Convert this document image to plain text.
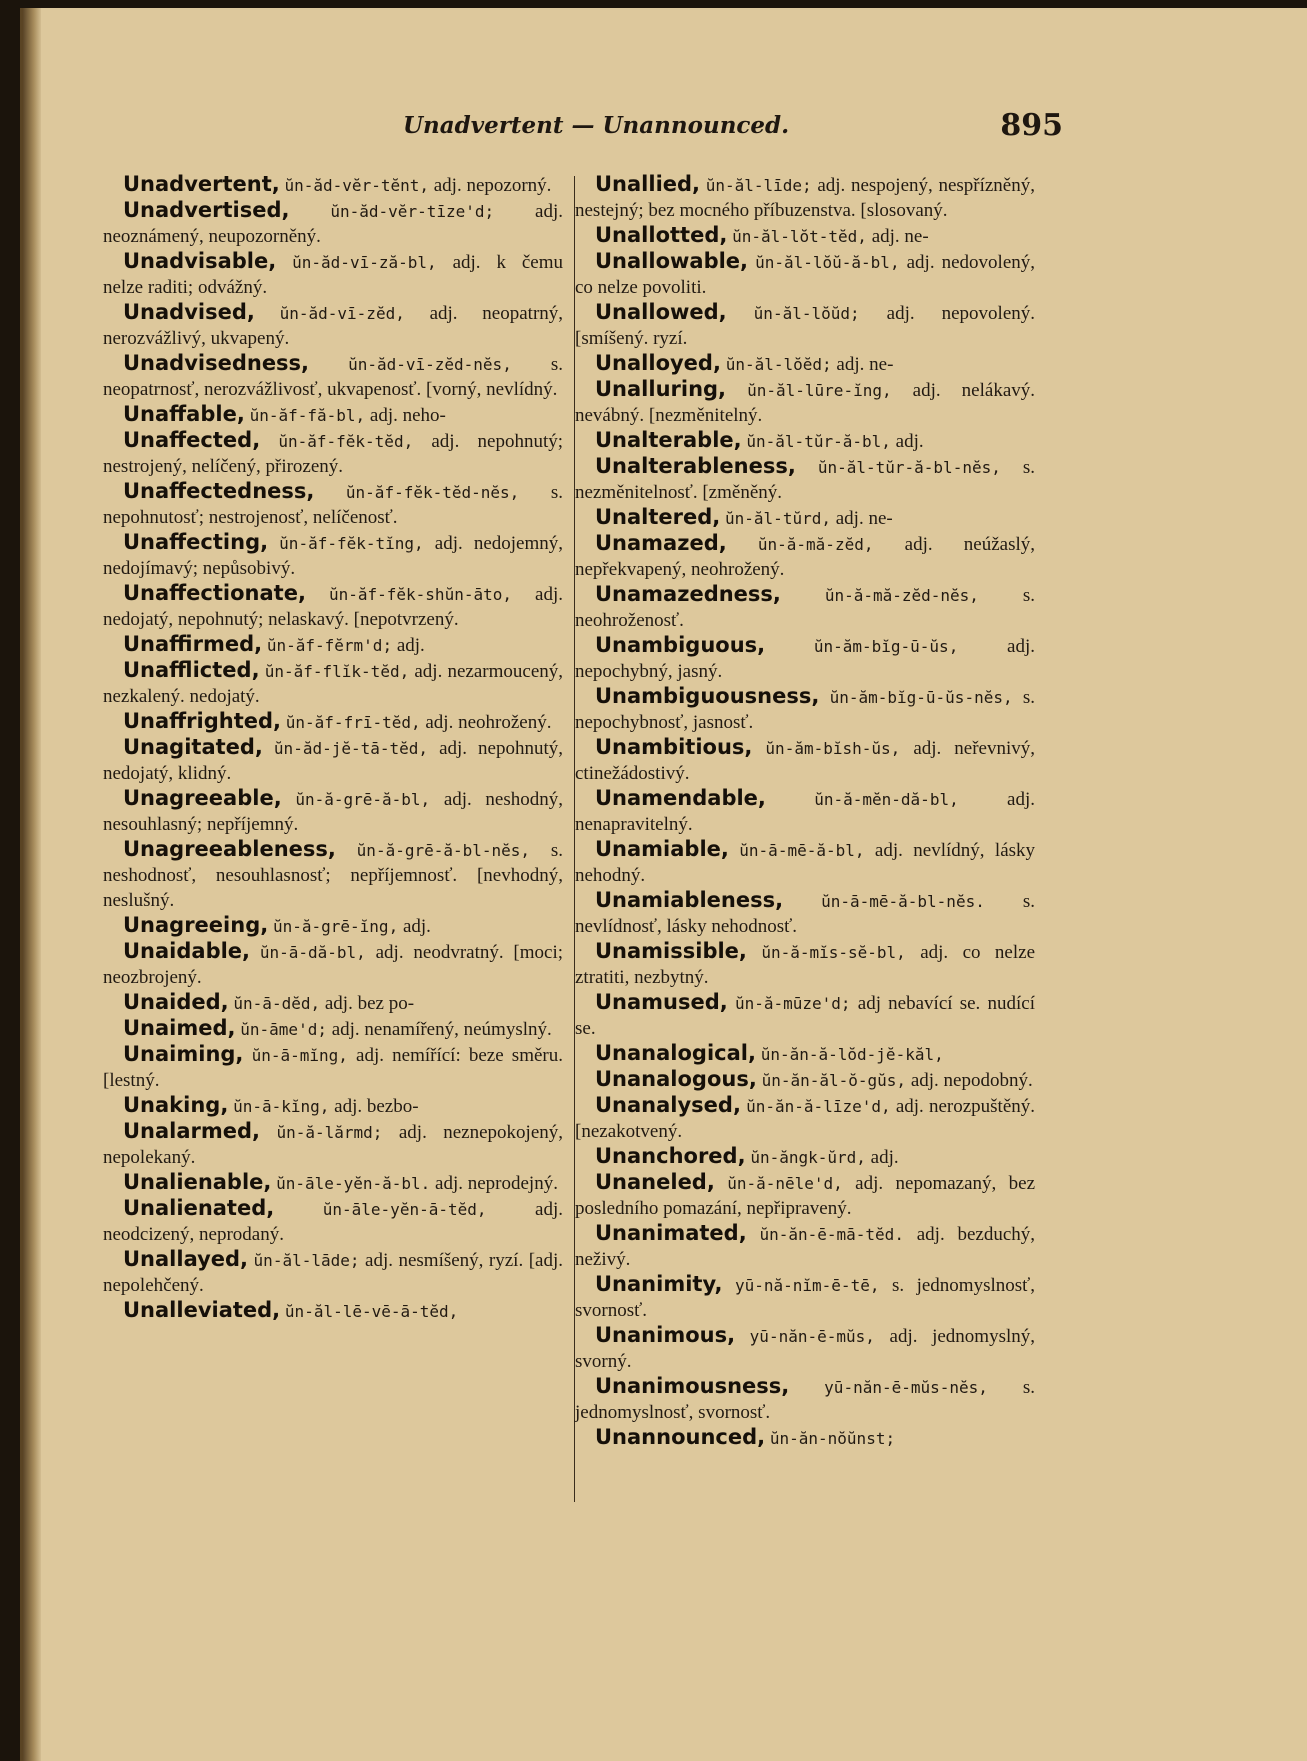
Unadvertent — Unannounced.	895

Unadvertent, ŭn-ăd-vĕr-tĕnt, adj. nepozorný.

Unadvertised,	ŭn-ăd-vĕr-tīze'd; adj. neoznámený, neupozorněný.

Unadvisable, ŭn-ăd-vī-ză-bl, adj. k čemu nelze raditi; odvážný.

Unadvised, ŭn-ăd-vī-zĕd, adj. neopatrný, nerozvážlivý, ukvapený.

Unadvisedness, ŭn-ăd-vī-zĕd-nĕs, s. neopatrnosť, nerozvážlivosť, ukvapenosť. [vorný, nevlídný.

Unaffable, ŭn-ăf-fă-bl, adj. neho-

Unaffected, ŭn-ăf-fĕk-tĕd, adj. nepohnutý; nestrojený, nelíčený, přirozený.

Unaffectedness, ŭn-ăf-fĕk-tĕd-nĕs, s. nepohnutosť; nestrojenosť, nelíčenosť.

Unaffecting, ŭn-ăf-fĕk-tĭng, adj. nedojemný, nedojímavý; nepůsobivý.

Unaffectionate, ŭn-ăf-fĕk-shŭn-āto, adj. nedojatý, nepohnutý; nelaskavý. [nepotvrzený.

Unaffirmed, ŭn-ăf-fĕrm'd; adj.

Unafflicted, ŭn-ăf-flĭk-tĕd, adj. nezarmoucený, nezkalený. nedojatý.

Unaffrighted, ŭn-ăf-frī-tĕd, adj. neohrožený.

Unagitated, ŭn-ăd-jĕ-tā-tĕd, adj. nepohnutý, nedojatý, klidný.

Unagreeable, ŭn-ă-grē-ă-bl, adj. neshodný, nesouhlasný; nepříjemný.

Unagreeableness, ŭn-ă-grē-ă-bl-nĕs, s. neshodnosť, nesouhlasnosť; nepříjemnosť. [nevhodný, neslušný.

Unagreeing, ŭn-ă-grē-ĭng, adj.

Unaidable, ŭn-ā-dă-bl, adj. neodvratný. [moci; neozbrojený.

Unaided, ŭn-ā-dĕd, adj. bez po-

Unaimed, ŭn-āme'd; adj. nenamířený, neúmyslný.

Unaiming, ŭn-ā-mĭng, adj. nemířící: beze směru. [lestný.

Unaking, ŭn-ā-kĭng, adj. bezbo-

Unalarmed, ŭn-ă-lărmd; adj. neznepokojený, nepolekaný.

Unalienable, ŭn-āle-yĕn-ă-bl. adj. neprodejný.

Unalienated,	ŭn-āle-yĕn-ā-tĕd,	adj. neodcizený, neprodaný.

Unallayed, ŭn-ăl-lāde; adj. nesmíšený, ryzí. [adj. nepolehčený.

Unalleviated, ŭn-ăl-lē-vē-ā-tĕd,

Unallied, ŭn-ăl-līde; adj. nespojený, nespřízněný, nestejný; bez mocného příbuzenstva. [slosovaný.

Unallotted, ŭn-ăl-lŏt-tĕd, adj. ne-

Unallowable, ŭn-ăl-lŏŭ-ă-bl, adj. nedovolený, co nelze povoliti.

Unallowed, ŭn-ăl-lŏŭd; adj. nepovolený. [smíšený. ryzí.

Unalloyed, ŭn-ăl-lŏĕd; adj. ne-

Unalluring, ŭn-ăl-lūre-ĭng, adj. nelákavý. nevábný. [nezměnitelný.

Unalterable, ŭn-ăl-tŭr-ă-bl, adj.

Unalterableness, ŭn-ăl-tŭr-ă-bl-nĕs, s. nezměnitelnosť. [změněný.

Unaltered, ŭn-ăl-tŭrd, adj. ne-

Unamazed, ŭn-ă-mă-zĕd, adj. neúžaslý, nepřekvapený, neohrožený.

Unamazedness,	ŭn-ă-mă-zĕd-nĕs, s. neohroženosť.

Unambiguous,	ŭn-ăm-bĭg-ū-ŭs,	adj. nepochybný, jasný.

Unambiguousness, ŭn-ăm-bĭg-ū-ŭs-nĕs, s. nepochybnosť, jasnosť.

Unambitious, ŭn-ăm-bĭsh-ŭs, adj. neřevnivý, ctinežádostivý.

Unamendable,	ŭn-ă-mĕn-dă-bl,	adj. nenapravitelný.

Unamiable, ŭn-ā-mē-ă-bl, adj. nevlídný, lásky nehodný.

Unamiableness, ŭn-ā-mē-ă-bl-nĕs. s. nevlídnosť, lásky nehodnosť.

Unamissible, ŭn-ă-mĭs-sĕ-bl, adj. co nelze ztratiti, nezbytný.

Unamused, ŭn-ă-mūze'd; adj nebavící se. nudící se.

Unanalogical, ŭn-ăn-ă-lŏd-jĕ-kăl,

Unanalogous, ŭn-ăn-ăl-ŏ-gŭs, adj. nepodobný.

Unanalysed, ŭn-ăn-ă-līze'd, adj. nerozpuštěný. [nezakotvený.

Unanchored, ŭn-ăngk-ŭrd, adj.

Unaneled, ŭn-ă-nēle'd, adj. nepomazaný, bez posledního pomazání, nepřipravený.

Unanimated, ŭn-ăn-ē-mā-tĕd. adj. bezduchý, neživý.

Unanimity, yū-nă-nĭm-ē-tē, s. jednomyslnosť, svornosť.

Unanimous, yū-năn-ē-mŭs, adj. jednomyslný, svorný.

Unanimousness, yū-năn-ē-mŭs-nĕs, s. jednomyslnosť, svornosť.

Unannounced, ŭn-ăn-nŏŭnst;
